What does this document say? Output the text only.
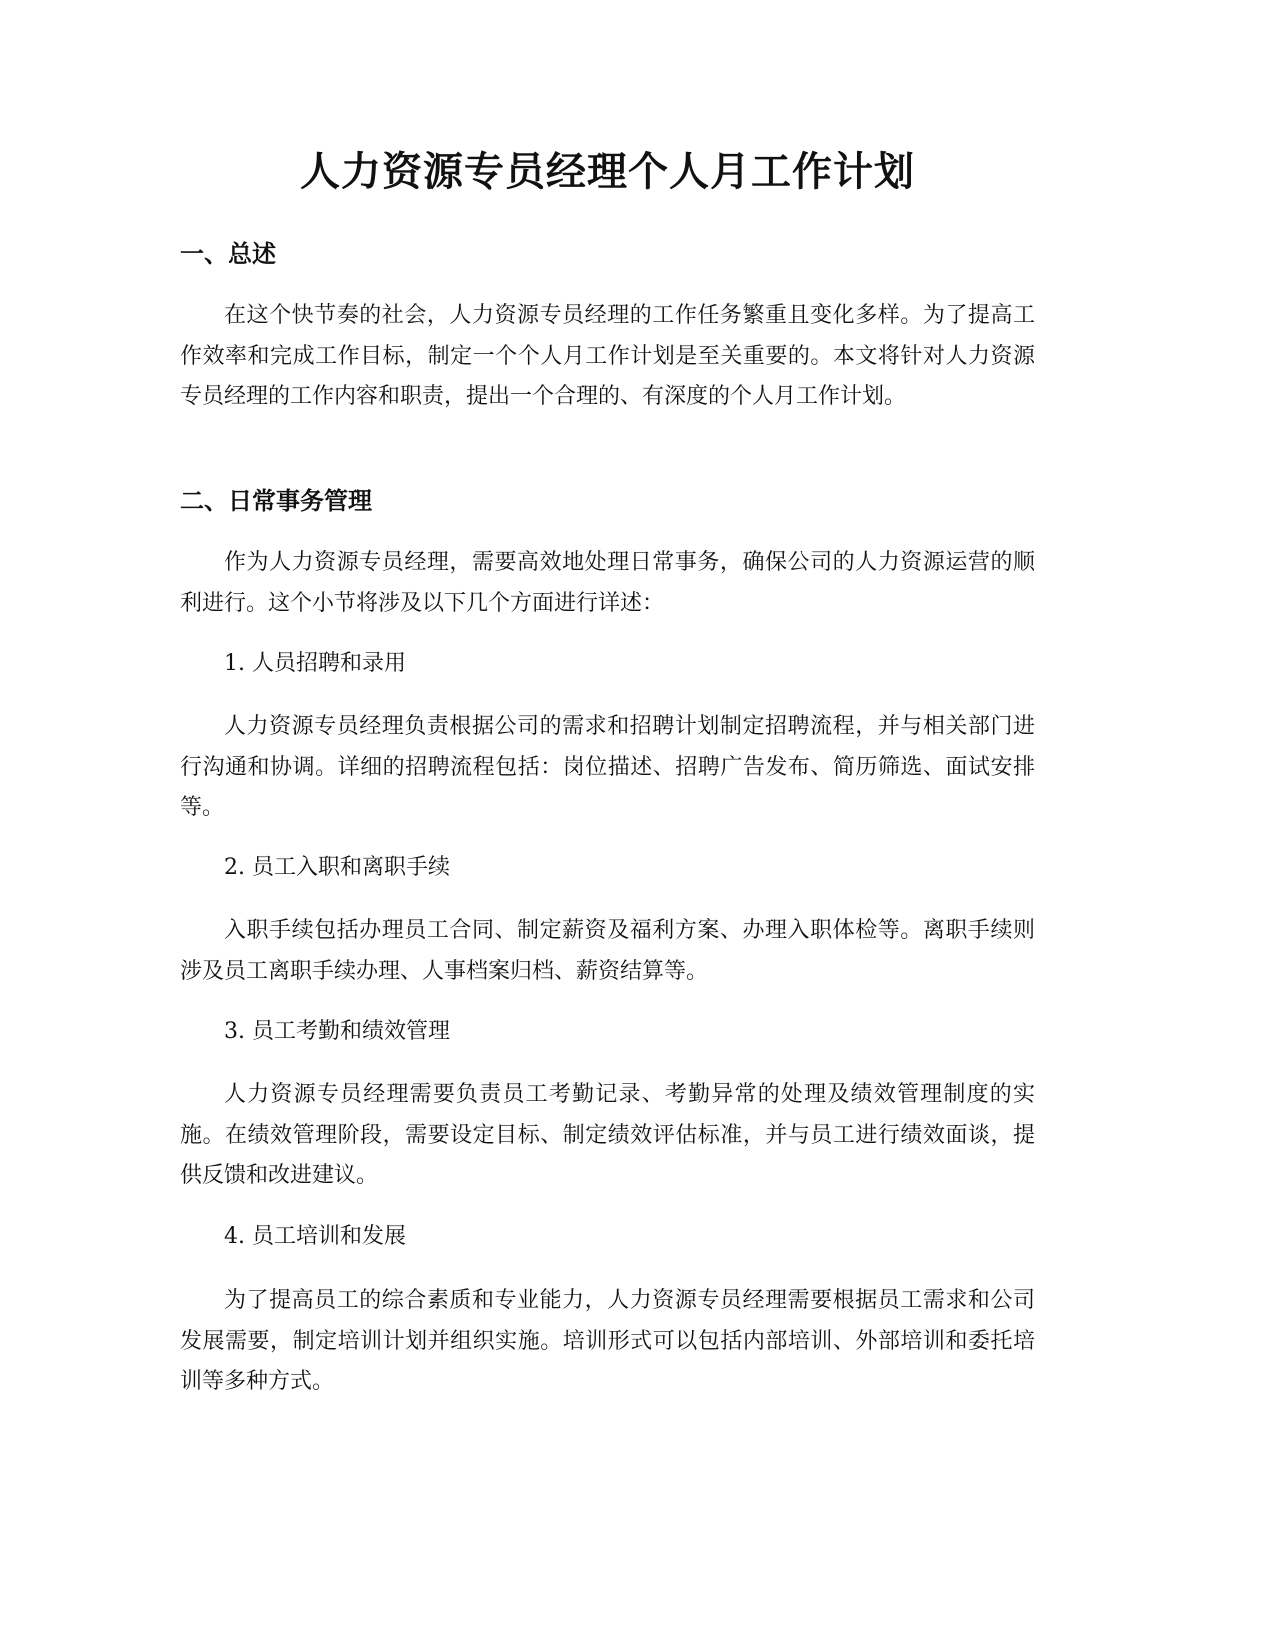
人力资源专员经理个人月工作计划
一、总述

在这个快节奏的社会，人力资源专员经理的工作任务繁重且变化多样。为了提高工作效率和完成工作目标，制定一个个人月工作计划是至关重要的。本文将针对人力资源专员经理的工作内容和职责，提出一个合理的、有深度的个人月工作计划。

二、日常事务管理

作为人力资源专员经理，需要高效地处理日常事务，确保公司的人力资源运营的顺利进行。这个小节将涉及以下几个方面进行详述：

1. 人员招聘和录用

人力资源专员经理负责根据公司的需求和招聘计划制定招聘流程，并与相关部门进行沟通和协调。详细的招聘流程包括：岗位描述、招聘广告发布、简历筛选、面试安排等。

2. 员工入职和离职手续

入职手续包括办理员工合同、制定薪资及福利方案、办理入职体检等。离职手续则涉及员工离职手续办理、人事档案归档、薪资结算等。

3. 员工考勤和绩效管理

人力资源专员经理需要负责员工考勤记录、考勤异常的处理及绩效管理制度的实施。在绩效管理阶段，需要设定目标、制定绩效评估标准，并与员工进行绩效面谈，提供反馈和改进建议。

4. 员工培训和发展

为了提高员工的综合素质和专业能力，人力资源专员经理需要根据员工需求和公司发展需要，制定培训计划并组织实施。培训形式可以包括内部培训、外部培训和委托培训等多种方式。
